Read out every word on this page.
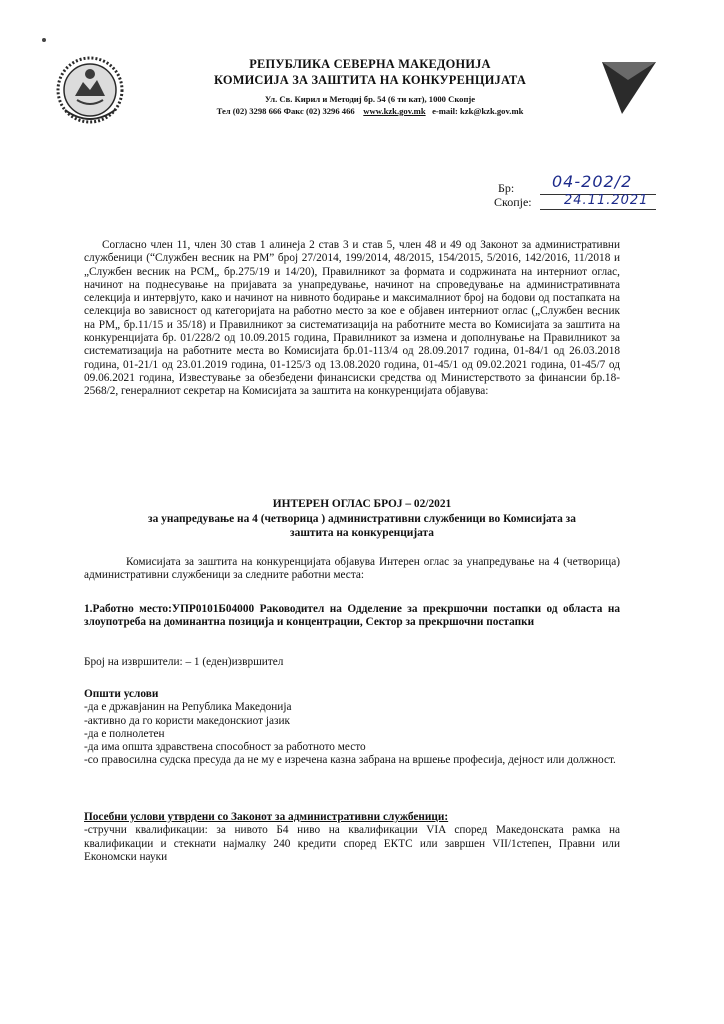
РЕПУБЛИКА СЕВЕРНА МАКЕДОНИЈА
КОМИСИЈА ЗА ЗАШТИТА НА КОНКУРЕНЦИЈАТА
Ул. Св. Кирил и Методиј бр. 54 (6 ти кат), 1000 Скопје
Тел (02) 3298 666 Факс (02) 3296 466 www.kzk.gov.mk e-mail: kzk@kzk.gov.mk
Бр: 04-202/2
Скопје: 24.11.2021

Согласно член 11, член 30 став 1 алинеја 2 став 3 и став 5, член 48 и 49 од Законот за административни службеници (“Службен весник на РМ” број 27/2014, 199/2014, 48/2015, 154/2015, 5/2016, 142/2016, 11/2018 и „Службен весник на РСМ„ бр.275/19 и 14/20), Правилникот за формата и содржината на интерниот оглас, начинот на поднесување на пријавата за унапредување, начинот на спроведување на административната селекција и интервјуто, како и начинот на нивното бодирање и максималниот број на бодови од постапката на селекција во зависност од категоријата на работно место за кое е објавен интерниот оглас („Службен весник на РМ„ бр.11/15 и 35/18) и Правилникот за систематизација на работните места во Комисијата за заштита на конкуренцијата бр. 01/228/2 од 10.09.2015 година, Правилникот за измена и дополнување на Правилникот за систематизација на работните места во Комисијата бр.01-113/4 од 28.09.2017 година, 01-84/1 од 26.03.2018 година, 01-21/1 од 23.01.2019 година, 01-125/3 од 13.08.2020 година, 01-45/1 од 09.02.2021 година, 01-45/7 од 09.06.2021 година, Известување за обезбедени финансиски средства од Министерството за финансии бр.18-2568/2, генералниот секретар на Комисијата за заштита на конкуренцијата објавува:

ИНТЕРЕН ОГЛАС БРОЈ – 02/2021
за унапредување на 4 (четворица ) административни службеници во Комисијата за
заштита на конкуренцијата

Комисијата за заштита на конкуренцијата објавува Интерен оглас за унапредување на 4 (четворица) административни службеници за следните работни места:

1.Работно место:УПР0101Б04000 Раководител на Одделение за прекршочни постапки од областа на злоупотреба на доминантна позиција и концентрации, Сектор за прекршочни постапки

Број на извршители: – 1 (еден)извршител

Општи услови
-да е државјанин на Република Македонија
-активно да го користи македонскиот јазик
-да е полнолетен
-да има општа здравствена способност за работното место
-со правосилна судска пресуда да не му е изречена казна забрана на вршење професија, дејност или должност.
Посебни услови утврдени со Законот за административни службеници:
-стручни квалификации: за нивото Б4 ниво на квалификации VIA според Македонската рамка на квалификации и стекнати најмалку 240 кредити според ЕКТС или завршен VII/1степен, Правни или Економски науки
